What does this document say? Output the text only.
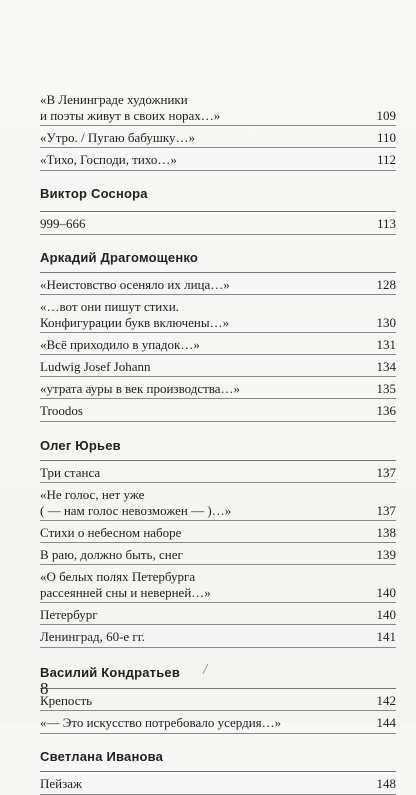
«В Ленинграде художники
и поэты живут в своих норах…»	109
«Утро. / Пугаю бабушку…»	110
«Тихо, Господи, тихо…»	112
Виктор Соснора
999–666	113
Аркадий Драгомощенко
«Неистовство осеняло их лица…»	128
«…вот они пишут стихи.
Конфигурации букв включены…»	130
«Всё приходило в упадок…»	131
Ludwig Josef Johann	134
«утрата ауры в век производства…»	135
Troodos	136
Олег Юрьев
Три станса	137
«Не голос, нет уже
( — нам голос невозможен — )…»	137
Стихи о небесном наборе	138
В раю, должно быть, снег	139
«О белых полях Петербурга
рассеянней сны и неверней…»	140
Петербург	140
Ленинград, 60-е гг.	141
Василий Кондратьев
Крепость	142
«— Это искусство потребовало усердия…»	144
Светлана Иванова
Пейзаж	148
/
8
